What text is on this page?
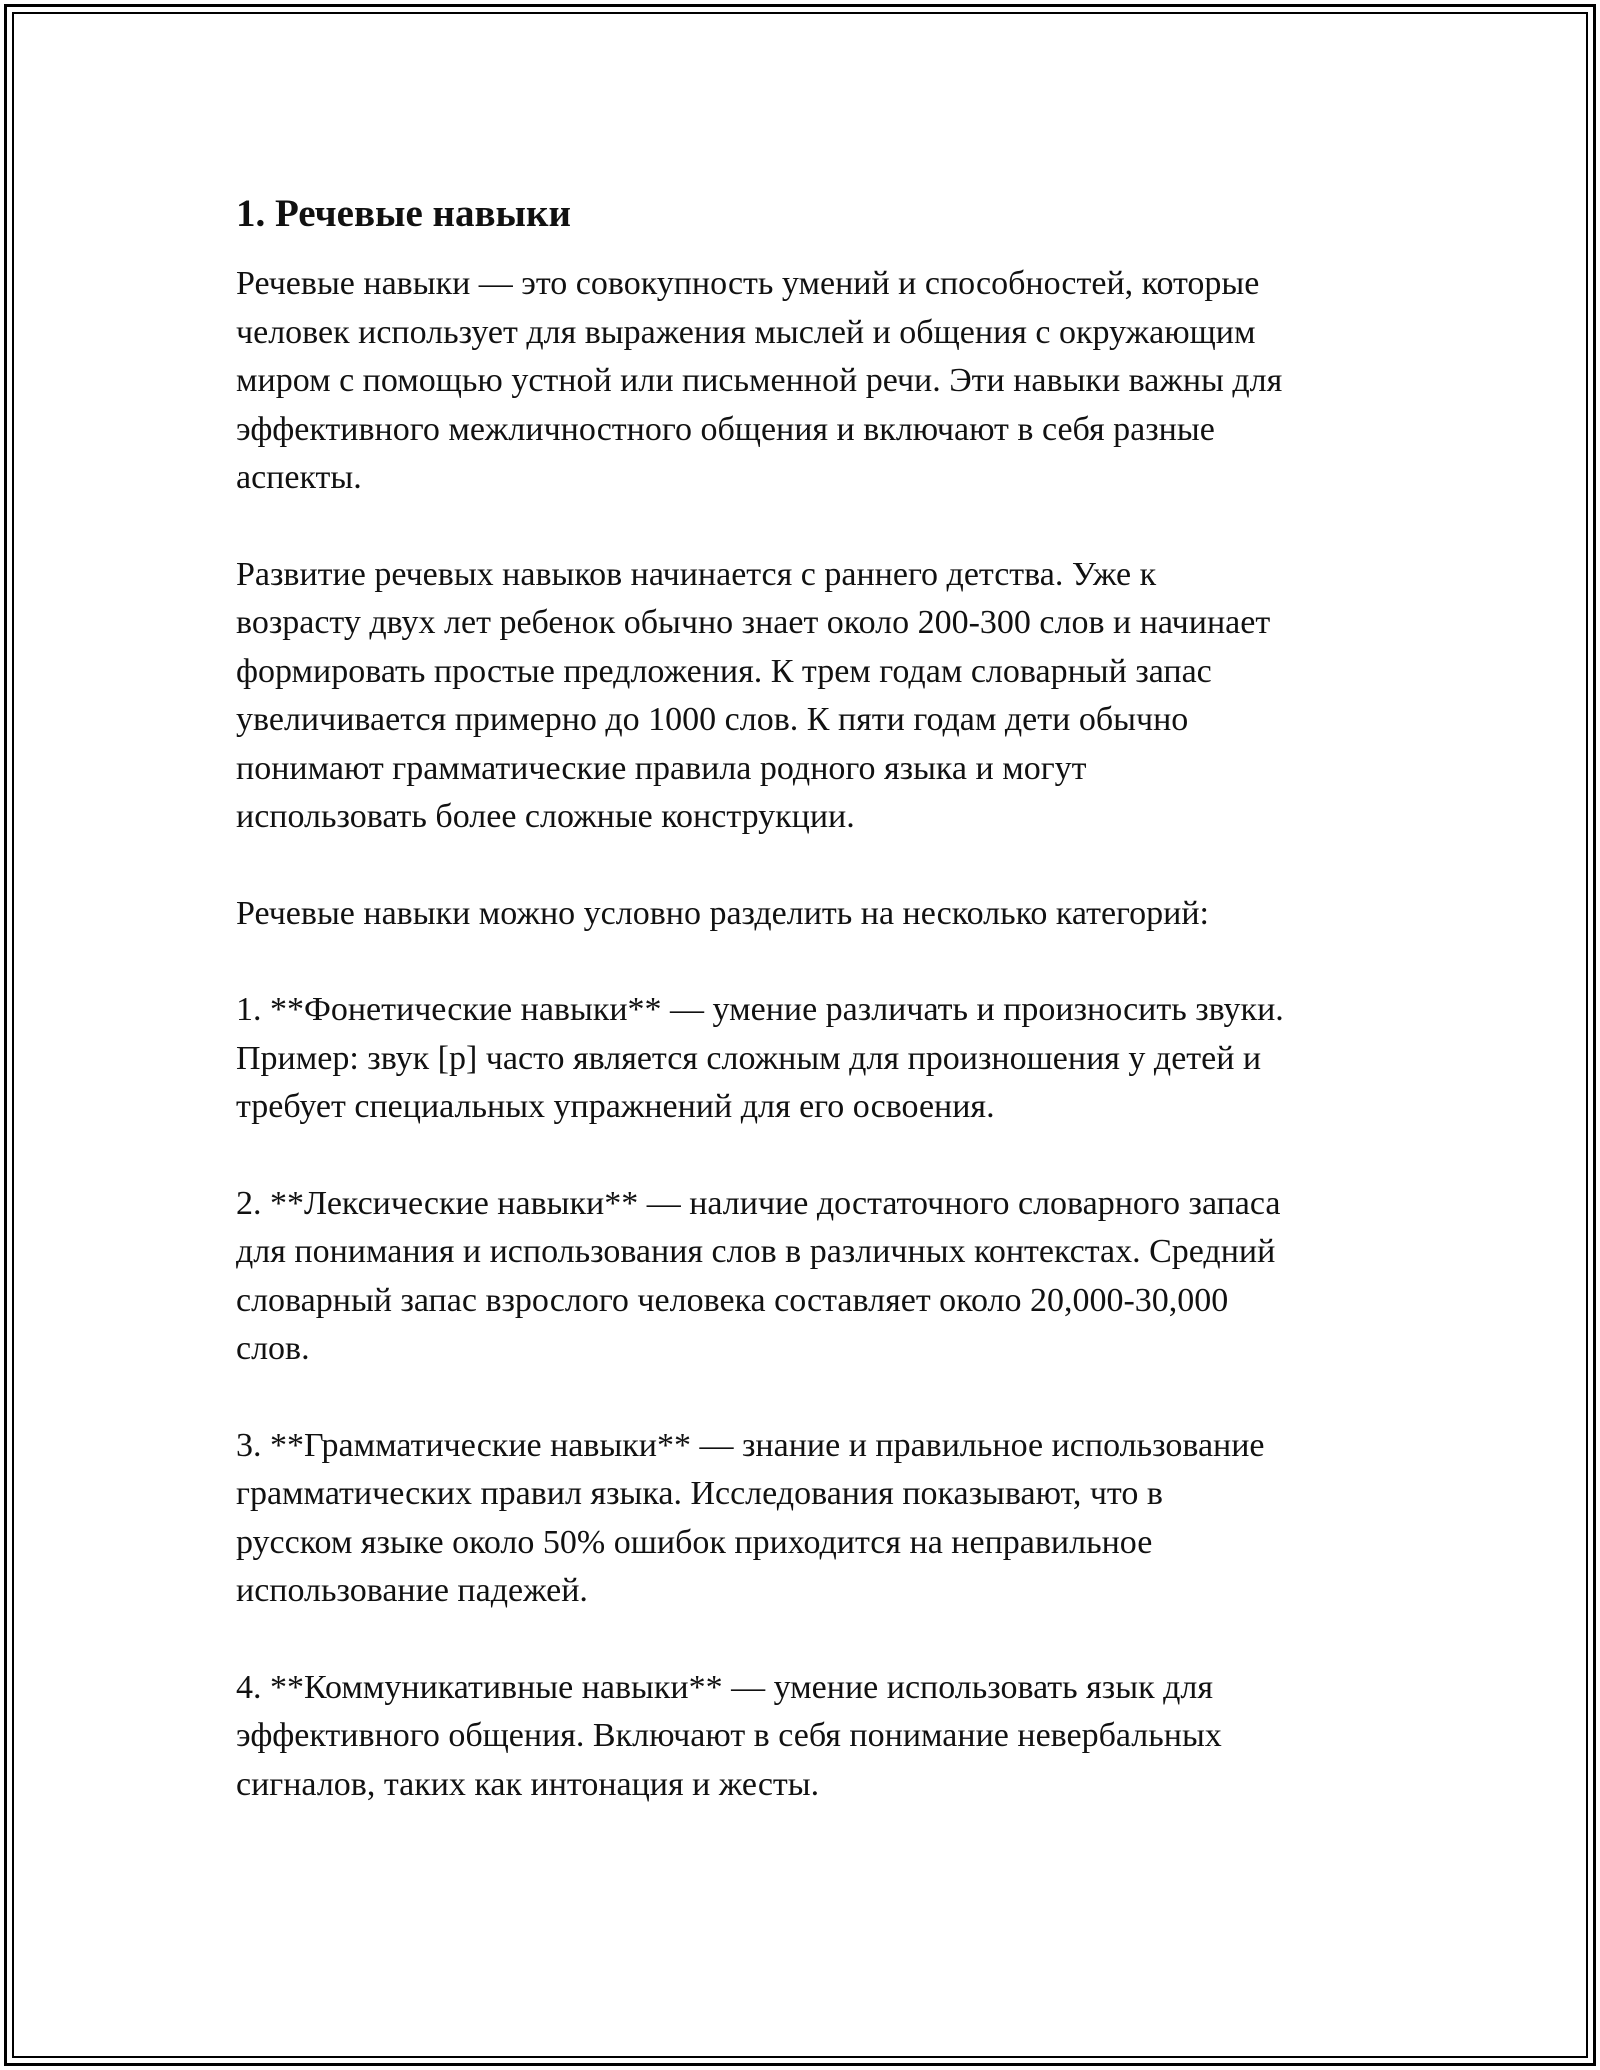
1. Речевые навыки

Речевые навыки — это совокупность умений и способностей, которые
человек использует для выражения мыслей и общения с окружающим
миром с помощью устной или письменной речи. Эти навыки важны для
эффективного межличностного общения и включают в себя разные
аспекты.

Развитие речевых навыков начинается с раннего детства. Уже к
возрасту двух лет ребенок обычно знает около 200-300 слов и начинает
формировать простые предложения. К трем годам словарный запас
увеличивается примерно до 1000 слов. К пяти годам дети обычно
понимают грамматические правила родного языка и могут
использовать более сложные конструкции.

Речевые навыки можно условно разделить на несколько категорий:

1. **Фонетические навыки** — умение различать и произносить звуки.
Пример: звук [р] часто является сложным для произношения у детей и
требует специальных упражнений для его освоения.

2. **Лексические навыки** — наличие достаточного словарного запаса
для понимания и использования слов в различных контекстах. Средний
словарный запас взрослого человека составляет около 20,000-30,000
слов.

3. **Грамматические навыки** — знание и правильное использование
грамматических правил языка. Исследования показывают, что в
русском языке около 50% ошибок приходится на неправильное
использование падежей.

4. **Коммуникативные навыки** — умение использовать язык для
эффективного общения. Включают в себя понимание невербальных
сигналов, таких как интонация и жесты.
